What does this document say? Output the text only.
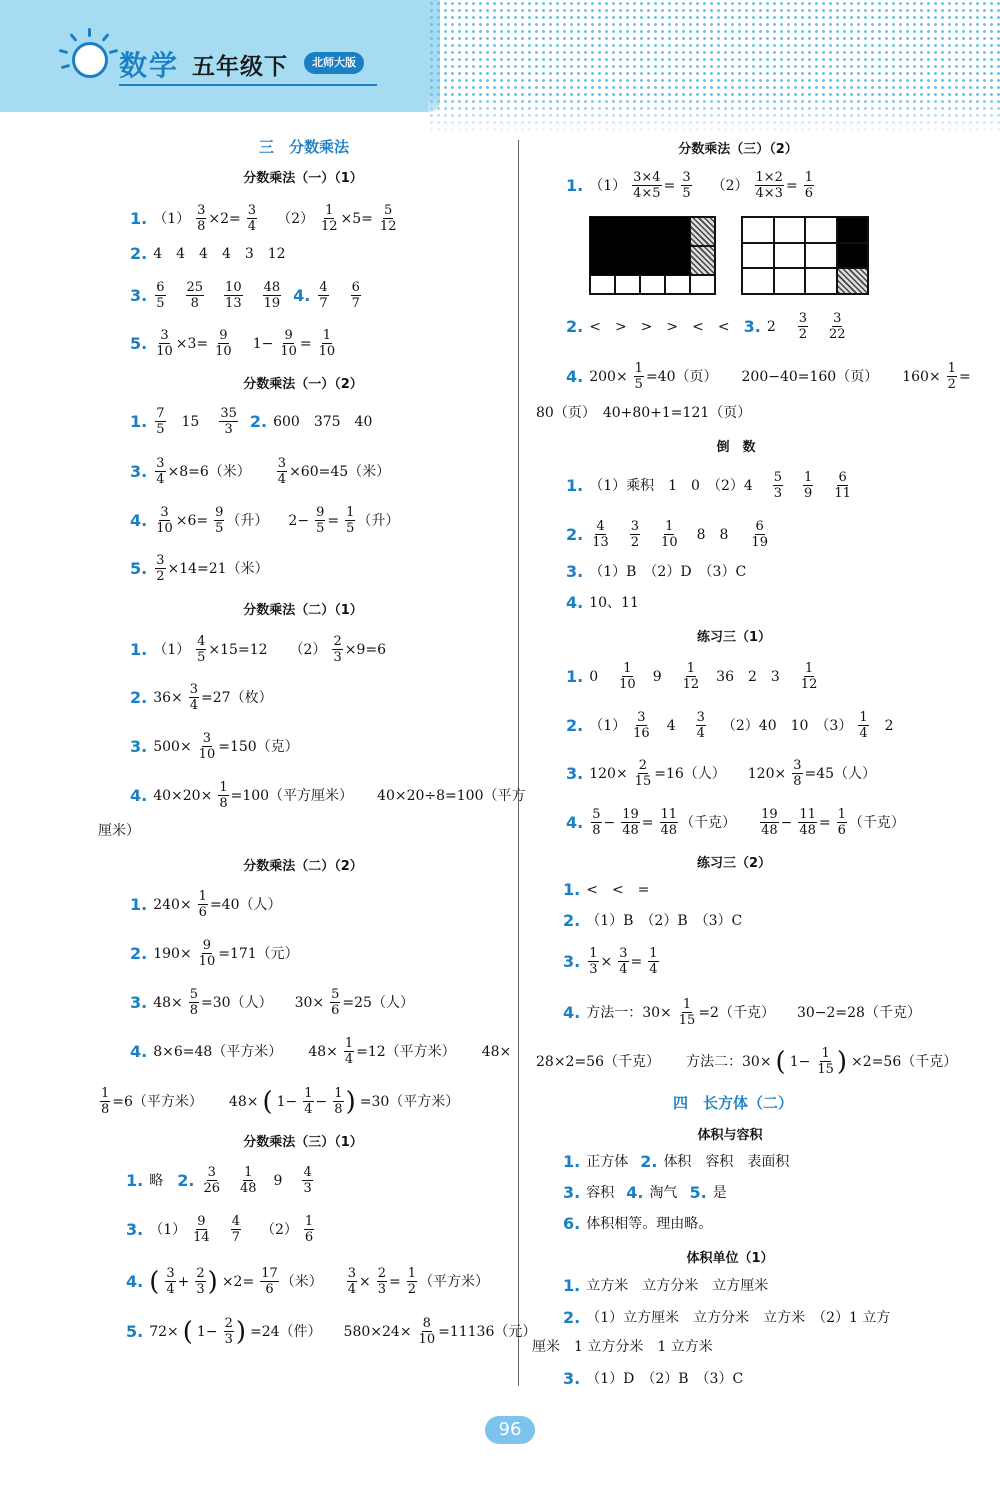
数学 五年级下	北师大版
三　分数乘法
分数乘法（一）（1）
1. $(1) \frac{3}{8} \times 2= \frac{3}{4} (2) \frac{1}{12} \times 5= \frac{5}{12}$
2. 4　4　4　4　3　12
3. 6
5
25
8
10
13
48
19 4. 4
7
6
7
5. $\frac{3}{10} \times 3= \frac{9}{10} 1- \frac{9}{10} = \frac{1}{10}$
分数乘法（一）（2）
1. 7
5 15 35
3 2. 600　375　40
3. $\frac{3}{4} \times 8=6$（米） $\frac{3}{4} \times 60=45$（米）
4. $\frac{3}{10} \times 6= \frac{9}{5}$ （升） $2- \frac{9}{5} = \frac{1}{5}$ （升）
5. $\frac{3}{2} \times 14=21$（米）
分数乘法（二）（1）
1. $(1) \frac{4}{5} \times 15=12$ $(2) \frac{2}{3} \times 9=6$
2. $36\times \frac{3}{4} =27$（枚）
3. $500\times \frac{3}{10} =150$（克）
4. $40\times 20\times \frac{1}{8} =100$（平方厘米） 40×20÷8=100（平方
厘米）
分数乘法（二）（2）
1. $240\times \frac{1}{6} =40$（人）
2. $190\times \frac{9}{10} =171$（元）
3. $48\times \frac{5}{8} =30$（人） $30\times \frac{5}{6} =25$（人）
4. 8×6=48（平方米） $48\times \frac{1}{4} =12$（平方米） 48×
$\frac{1}{8} =6$（平方米） 48× ( $1- \frac{1}{4} - \frac{1}{8}$ ) =30（平方米）
分数乘法（三）（1）
1. 略 2. 3
26
1
48 9 4
3
3. （1） 9
14
4
7 （2） 1
6
4. ( 3
$4 + \frac{2}{3}$ ) $\times 2= \frac{17}{6}$ （米） $\frac{3}{4} \times \frac{2}{3} = \frac{1}{2}$ （平方米）
5. 72× ( $1- \frac{2}{3}$ ) =24（件） $580\times 24\times \frac{8}{10} =11136$（元）
分数乘法（三）（2）
1. $(1) \frac{3\times 4}{4\times 5} = \frac{3}{5} (2) \frac{1\times 2}{4\times 3} = \frac{1}{6}$
2. <　>　>　>　<　< 3. 2 3
2
3
22
4. $200\times \frac{1}{5} =40$（页） 200−40=160（页） $160\times \frac{1}{2}$ =
80（页）　40+80+1=121（页）
倒　数
1. （1）乘积　1　0　（2）4 5
3
1
9
6
11
2. 4
13
3
2
1
10 8　8 6
19
3. （1）B　（2）D　（3）C
4. 10、11
练习三（1）
1. 0 1
10 9 1
12 36　2　3 1
12
2. （1） 3
16 4 3
4 （2）40　10　（3） 1
4 2
3. $120\times \frac{2}{15} =16$（人） $120\times \frac{3}{8} =45$（人）
4. 5
$8 - \frac{19}{48} = \frac{11}{48}$ （千克） 19
$48 - \frac{11}{48} = \frac{1}{6}$ （千克）
练习三（2）
1. <　<　=
2. （1）B　（2）B　（3）C
3. $\frac{1}{3} \times \frac{3}{4} = \frac{1}{4}$
4. 方法一：$30\times \frac{1}{15} =2$（千克） 30−2=28（千克）
28×2=56（千克） 方法二：30× ( $1- \frac{1}{15}$ ) ×2=56（千克）
四　长方体（二）
体积与容积
1. 正方体 2. 体积　容积　表面积
3. 容积 4. 淘气 5. 是
6. 体积相等。理由略。
体积单位（1）
1. 立方米　立方分米　立方厘米
2. （1）立方厘米　立方分米　立方米　（2）1 立方
厘米　1 立方分米　1 立方米
3. （1）D　（2）B　（3）C
96
